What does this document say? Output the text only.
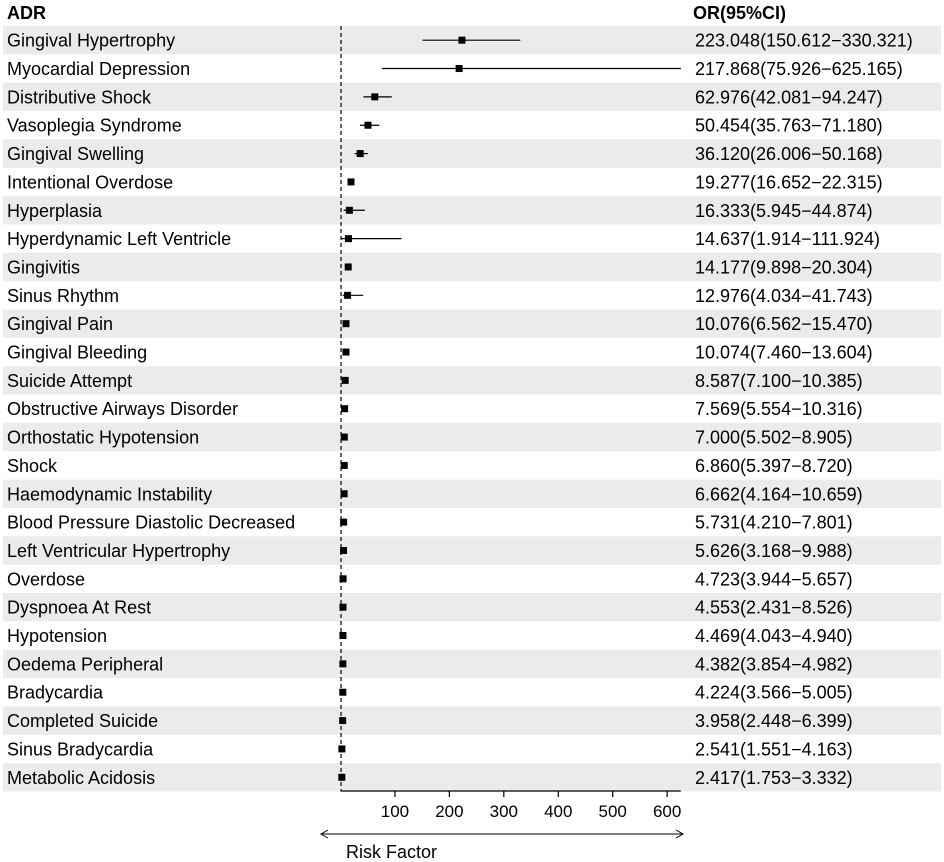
ADR	OR(95%CI)
Gingival Hypertrophy	223.048(150.612−330.321)
Myocardial Depression	217.868(75.926−625.165)
Distributive Shock	62.976(42.081−94.247)
Vasoplegia Syndrome	50.454(35.763−71.180)
Gingival Swelling	36.120(26.006−50.168)
Intentional Overdose	19.277(16.652−22.315)
Hyperplasia	16.333(5.945−44.874)
Hyperdynamic Left Ventricle	14.637(1.914−111.924)
Gingivitis	14.177(9.898−20.304)
Sinus Rhythm	12.976(4.034−41.743)
Gingival Pain	10.076(6.562−15.470)
Gingival Bleeding	10.074(7.460−13.604)
Suicide Attempt	8.587(7.100−10.385)
Obstructive Airways Disorder	7.569(5.554−10.316)
Orthostatic Hypotension	7.000(5.502−8.905)
Shock	6.860(5.397−8.720)
Haemodynamic Instability	6.662(4.164−10.659)
Blood Pressure Diastolic Decreased	5.731(4.210−7.801)
Left Ventricular Hypertrophy	5.626(3.168−9.988)
Overdose	4.723(3.944−5.657)
Dyspnoea At Rest	4.553(2.431−8.526)
Hypotension	4.469(4.043−4.940)
Oedema Peripheral	4.382(3.854−4.982)
Bradycardia	4.224(3.566−5.005)
Completed Suicide	3.958(2.448−6.399)
Sinus Bradycardia	2.541(1.551−4.163)
Metabolic Acidosis	2.417(1.753−3.332)
100 200 300 400 500 600
Risk Factor
